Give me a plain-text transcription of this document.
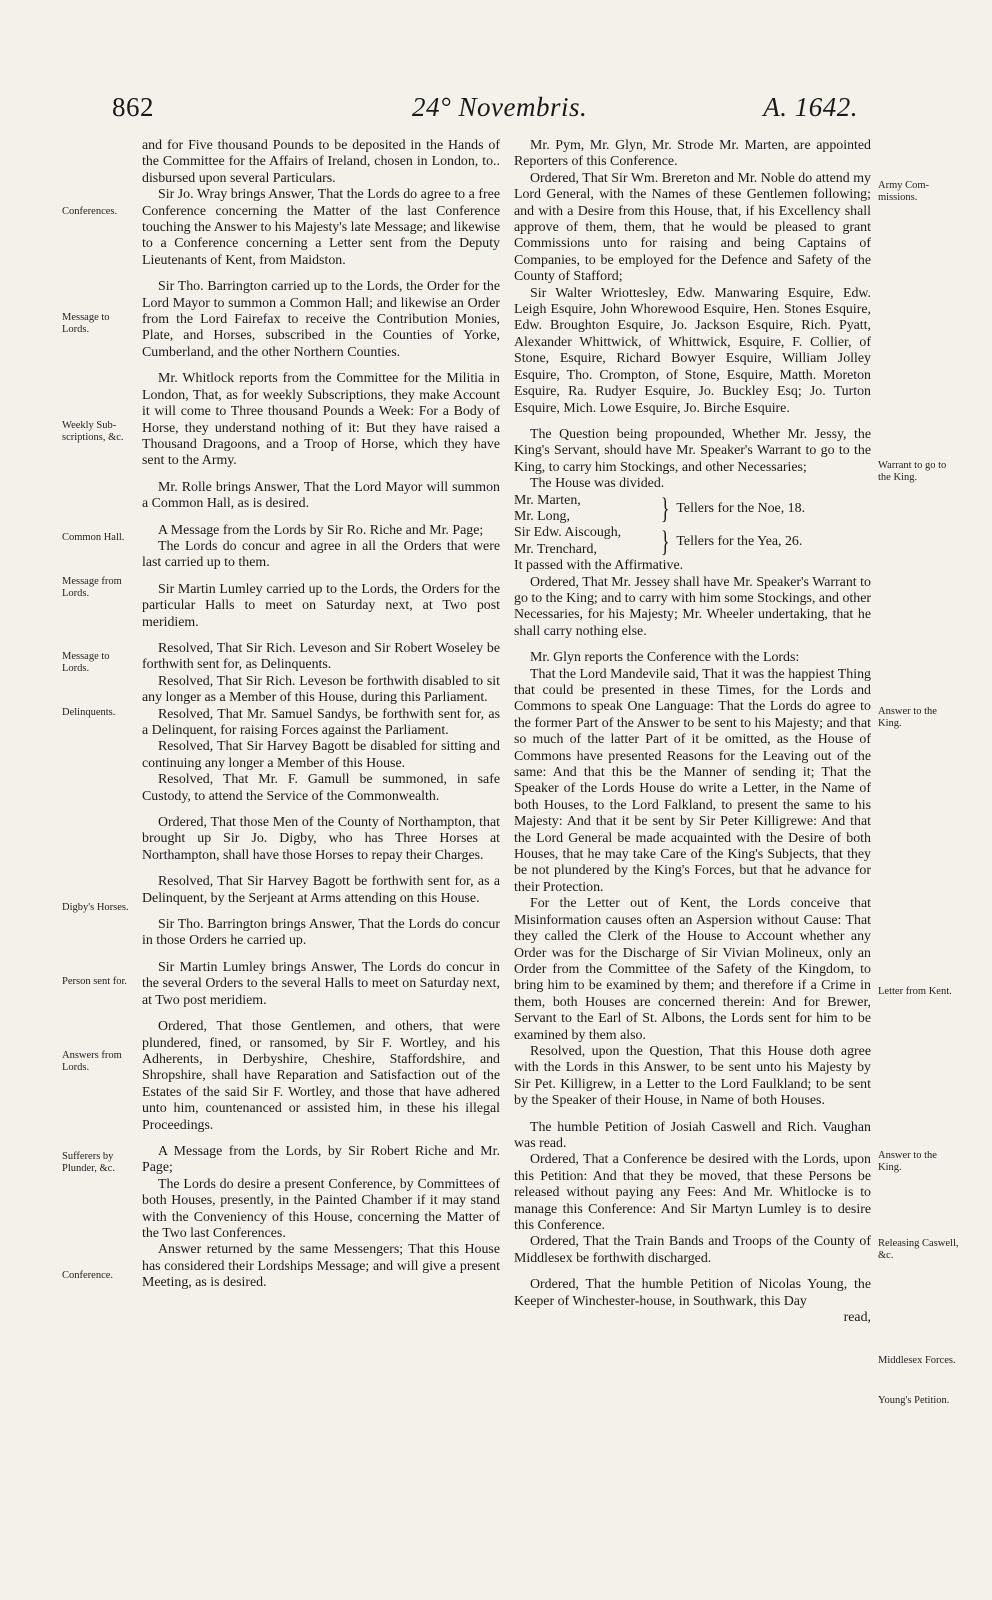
862	24° Novembris.	A. 1642.
Conferences.
Message to Lords.
Weekly Sub-scriptions, &c.
Common Hall.
Message from Lords.
Message to Lords.
Delinquents.
Digby's Horses.
Person sent for.
Answers from Lords.
Sufferers by Plunder, &c.
Conference.
Army Com-missions.
Warrant to go to the King.
Answer to the King.
Letter from Kent.
Answer to the King.
Releasing Caswell, &c.
Middlesex Forces.
Young's Petition.

and for Five thousand Pounds to be deposited in the Hands of the Committee for the Affairs of Ireland, chosen in London, to.. disbursed upon several Particulars.

Sir Jo. Wray brings Answer, That the Lords do agree to a free Conference concerning the Matter of the last Conference touching the Answer to his Majesty's late Message; and likewise to a Conference concerning a Letter sent from the Deputy Lieutenants of Kent, from Maidston.

Sir Tho. Barrington carried up to the Lords, the Order for the Lord Mayor to summon a Common Hall; and likewise an Order from the Lord Fairefax to receive the Contribution Monies, Plate, and Horses, subscribed in the Counties of Yorke, Cumberland, and the other Northern Counties.

Mr. Whitlock reports from the Committee for the Militia in London, That, as for weekly Subscriptions, they make Account it will come to Three thousand Pounds a Week: For a Body of Horse, they understand nothing of it: But they have raised a Thousand Dragoons, and a Troop of Horse, which they have sent to the Army.

Mr. Rolle brings Answer, That the Lord Mayor will summon a Common Hall, as is desired.

A Message from the Lords by Sir Ro. Riche and Mr. Page;

The Lords do concur and agree in all the Orders that were last carried up to them.

Sir Martin Lumley carried up to the Lords, the Orders for the particular Halls to meet on Saturday next, at Two post meridiem.

Resolved, That Sir Rich. Leveson and Sir Robert Woseley be forthwith sent for, as Delinquents.

Resolved, That Sir Rich. Leveson be forthwith disabled to sit any longer as a Member of this House, during this Parliament.

Resolved, That Mr. Samuel Sandys, be forthwith sent for, as a Delinquent, for raising Forces against the Parliament.

Resolved, That Sir Harvey Bagott be disabled for sitting and continuing any longer a Member of this House.

Resolved, That Mr. F. Gamull be summoned, in safe Custody, to attend the Service of the Commonwealth.

Ordered, That those Men of the County of Northampton, that brought up Sir Jo. Digby, who has Three Horses at Northampton, shall have those Horses to repay their Charges.

Resolved, That Sir Harvey Bagott be forthwith sent for, as a Delinquent, by the Serjeant at Arms attending on this House.

Sir Tho. Barrington brings Answer, That the Lords do concur in those Orders he carried up.

Sir Martin Lumley brings Answer, The Lords do concur in the several Orders to the several Halls to meet on Saturday next, at Two post meridiem.

Ordered, That those Gentlemen, and others, that were plundered, fined, or ransomed, by Sir F. Wortley, and his Adherents, in Derbyshire, Cheshire, Staffordshire, and Shropshire, shall have Reparation and Satisfaction out of the Estates of the said Sir F. Wortley, and those that have adhered unto him, countenanced or assisted him, in these his illegal Proceedings.

A Message from the Lords, by Sir Robert Riche and Mr. Page;

The Lords do desire a present Conference, by Committees of both Houses, presently, in the Painted Chamber if it may stand with the Conveniency of this House, concerning the Matter of the Two last Conferences.

Answer returned by the same Messengers; That this House has considered their Lordships Message; and will give a present Meeting, as is desired.

Mr. Pym, Mr. Glyn, Mr. Strode Mr. Marten, are appointed Reporters of this Conference.

Ordered, That Sir Wm. Brereton and Mr. Noble do attend my Lord General, with the Names of these Gentlemen following; and with a Desire from this House, that, if his Excellency shall approve of them, them, that he would be pleased to grant Commissions unto for raising and being Captains of Companies, to be employed for the Defence and Safety of the County of Stafford;

Sir Walter Wriottesley, Edw. Manwaring Esquire, Edw. Leigh Esquire, John Whorewood Esquire, Hen. Stones Esquire, Edw. Broughton Esquire, Jo. Jackson Esquire, Rich. Pyatt, Alexander Whittwick, of Whittwick, Esquire, F. Collier, of Stone, Esquire, Richard Bowyer Esquire, William Jolley Esquire, Tho. Crompton, of Stone, Esquire, Matth. Moreton Esquire, Ra. Rudyer Esquire, Jo. Buckley Esq; Jo. Turton Esquire, Mich. Lowe Esquire, Jo. Birche Esquire.

The Question being propounded, Whether Mr. Jessy, the King's Servant, should have Mr. Speaker's Warrant to go to the King, to carry him Stockings, and other Necessaries;

The House was divided.

Mr. Marten,
Mr. Long,	} Tellers for the Noe, 18.
Sir Edw. Aiscough,
Mr. Trenchard,	} Tellers for the Yea, 26.

It passed with the Affirmative.

Ordered, That Mr. Jessey shall have Mr. Speaker's Warrant to go to the King; and to carry with him some Stockings, and other Necessaries, for his Majesty; Mr. Wheeler undertaking, that he shall carry nothing else.

Mr. Glyn reports the Conference with the Lords:

That the Lord Mandevile said, That it was the happiest Thing that could be presented in these Times, for the Lords and Commons to speak One Language: That the Lords do agree to the former Part of the Answer to be sent to his Majesty; and that so much of the latter Part of it be omitted, as the House of Commons have presented Reasons for the Leaving out of the same: And that this be the Manner of sending it; That the Speaker of the Lords House do write a Letter, in the Name of both Houses, to the Lord Falkland, to present the same to his Majesty: And that it be sent by Sir Peter Killigrewe: And that the Lord General be made acquainted with the Desire of both Houses, that he may take Care of the King's Subjects, that they be not plundered by the King's Forces, but that he advance for their Protection.

For the Letter out of Kent, the Lords conceive that Misinformation causes often an Aspersion without Cause: That they called the Clerk of the House to Account whether any Order was for the Discharge of Sir Vivian Molineux, only an Order from the Committee of the Safety of the Kingdom, to bring him to be examined by them; and therefore if a Crime in them, both Houses are concerned therein: And for Brewer, Servant to the Earl of St. Albons, the Lords sent for him to be examined by them also.

Resolved, upon the Question, That this House doth agree with the Lords in this Answer, to be sent unto his Majesty by Sir Pet. Killigrew, in a Letter to the Lord Faulkland; to be sent by the Speaker of their House, in Name of both Houses.

The humble Petition of Josiah Caswell and Rich. Vaughan was read.

Ordered, That a Conference be desired with the Lords, upon this Petition: And that they be moved, that these Persons be released without paying any Fees: And Mr. Whitlocke is to manage this Conference: And Sir Martyn Lumley is to desire this Conference.

Ordered, That the Train Bands and Troops of the County of Middlesex be forthwith discharged.

Ordered, That the humble Petition of Nicolas Young, the Keeper of Winchester-house, in Southwark, this Day

read,
